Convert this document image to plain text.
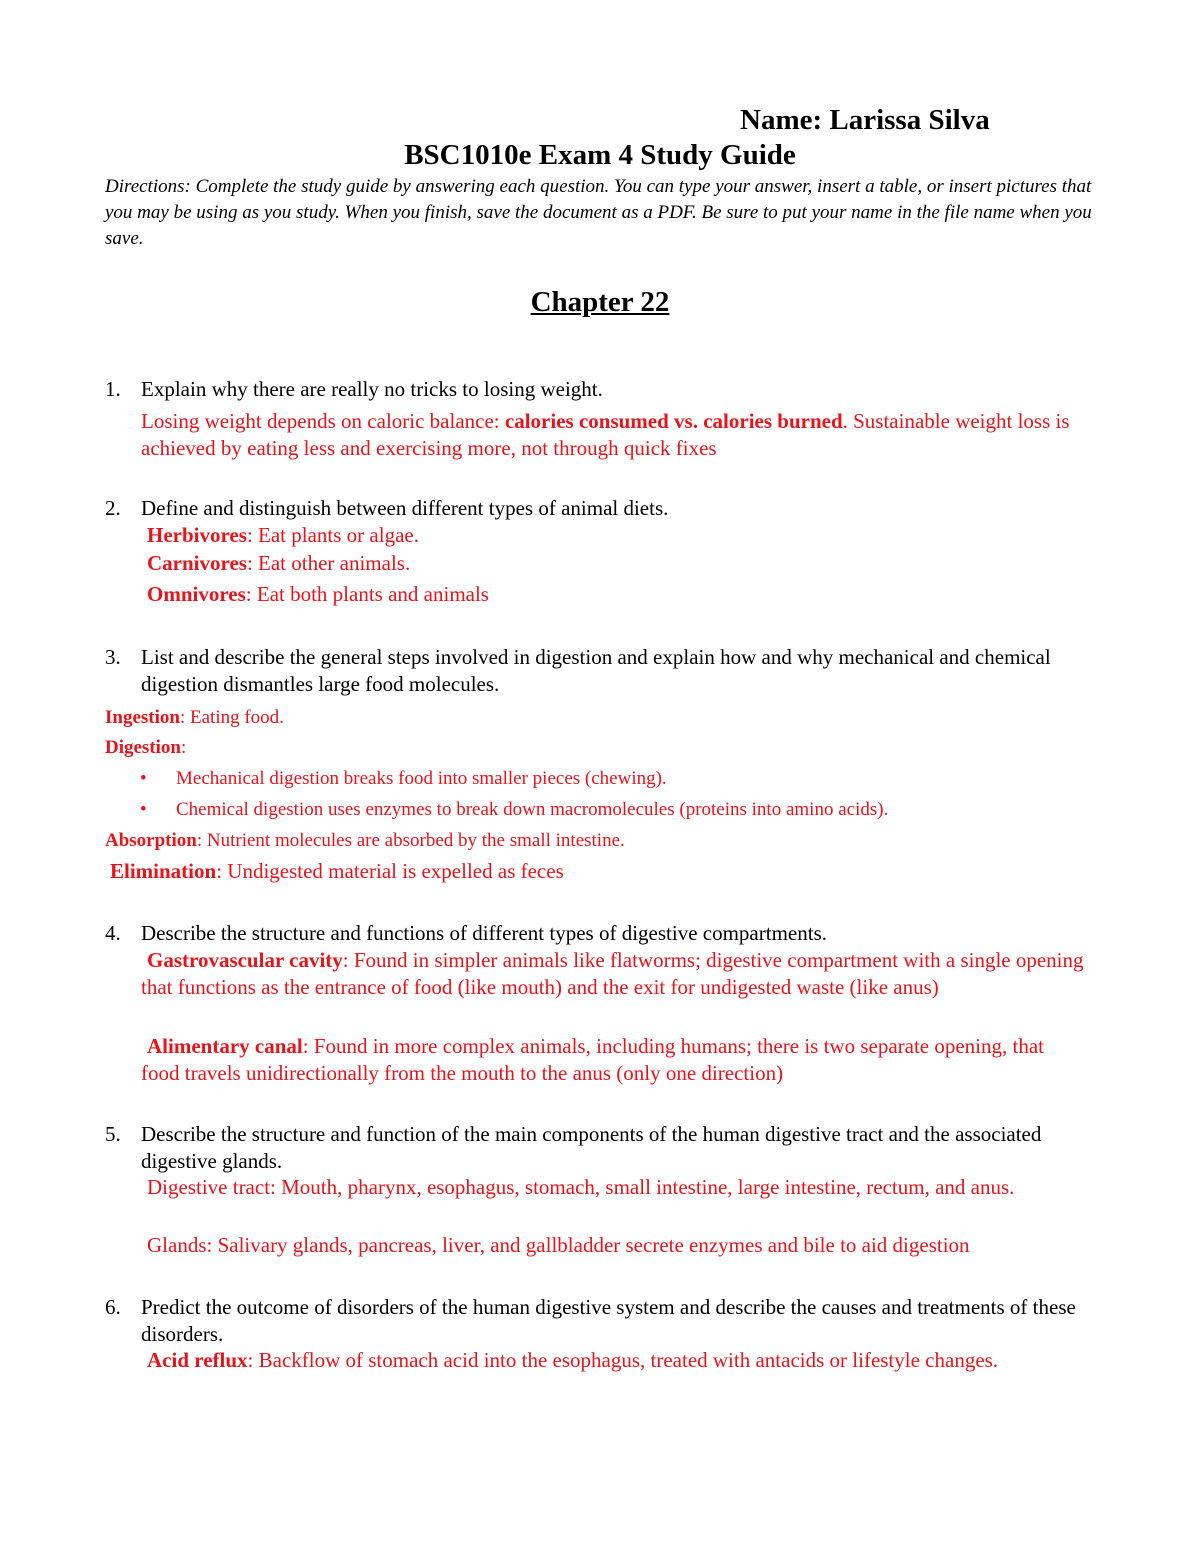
Name: Larissa Silva
BSC1010e Exam 4 Study Guide
Directions: Complete the study guide by answering each question. You can type your answer, insert a table, or insert pictures that you may be using as you study. When you finish, save the document as a PDF. Be sure to put your name in the file name when you save.
Chapter 22
1. Explain why there are really no tricks to losing weight.
Losing weight depends on caloric balance: calories consumed vs. calories burned. Sustainable weight loss is achieved by eating less and exercising more, not through quick fixes
2. Define and distinguish between different types of animal diets.
Herbivores: Eat plants or algae.
Carnivores: Eat other animals.
Omnivores: Eat both plants and animals
3. List and describe the general steps involved in digestion and explain how and why mechanical and chemical digestion dismantles large food molecules.
Ingestion: Eating food.
Digestion:
• Mechanical digestion breaks food into smaller pieces (chewing).
• Chemical digestion uses enzymes to break down macromolecules (proteins into amino acids).
Absorption: Nutrient molecules are absorbed by the small intestine.
Elimination: Undigested material is expelled as feces
4. Describe the structure and functions of different types of digestive compartments.
Gastrovascular cavity: Found in simpler animals like flatworms; digestive compartment with a single opening that functions as the entrance of food (like mouth) and the exit for undigested waste (like anus)
Alimentary canal: Found in more complex animals, including humans; there is two separate opening, that food travels unidirectionally from the mouth to the anus (only one direction)
5. Describe the structure and function of the main components of the human digestive tract and the associated digestive glands.
Digestive tract: Mouth, pharynx, esophagus, stomach, small intestine, large intestine, rectum, and anus.
Glands: Salivary glands, pancreas, liver, and gallbladder secrete enzymes and bile to aid digestion
6. Predict the outcome of disorders of the human digestive system and describe the causes and treatments of these disorders.
Acid reflux: Backflow of stomach acid into the esophagus, treated with antacids or lifestyle changes.
